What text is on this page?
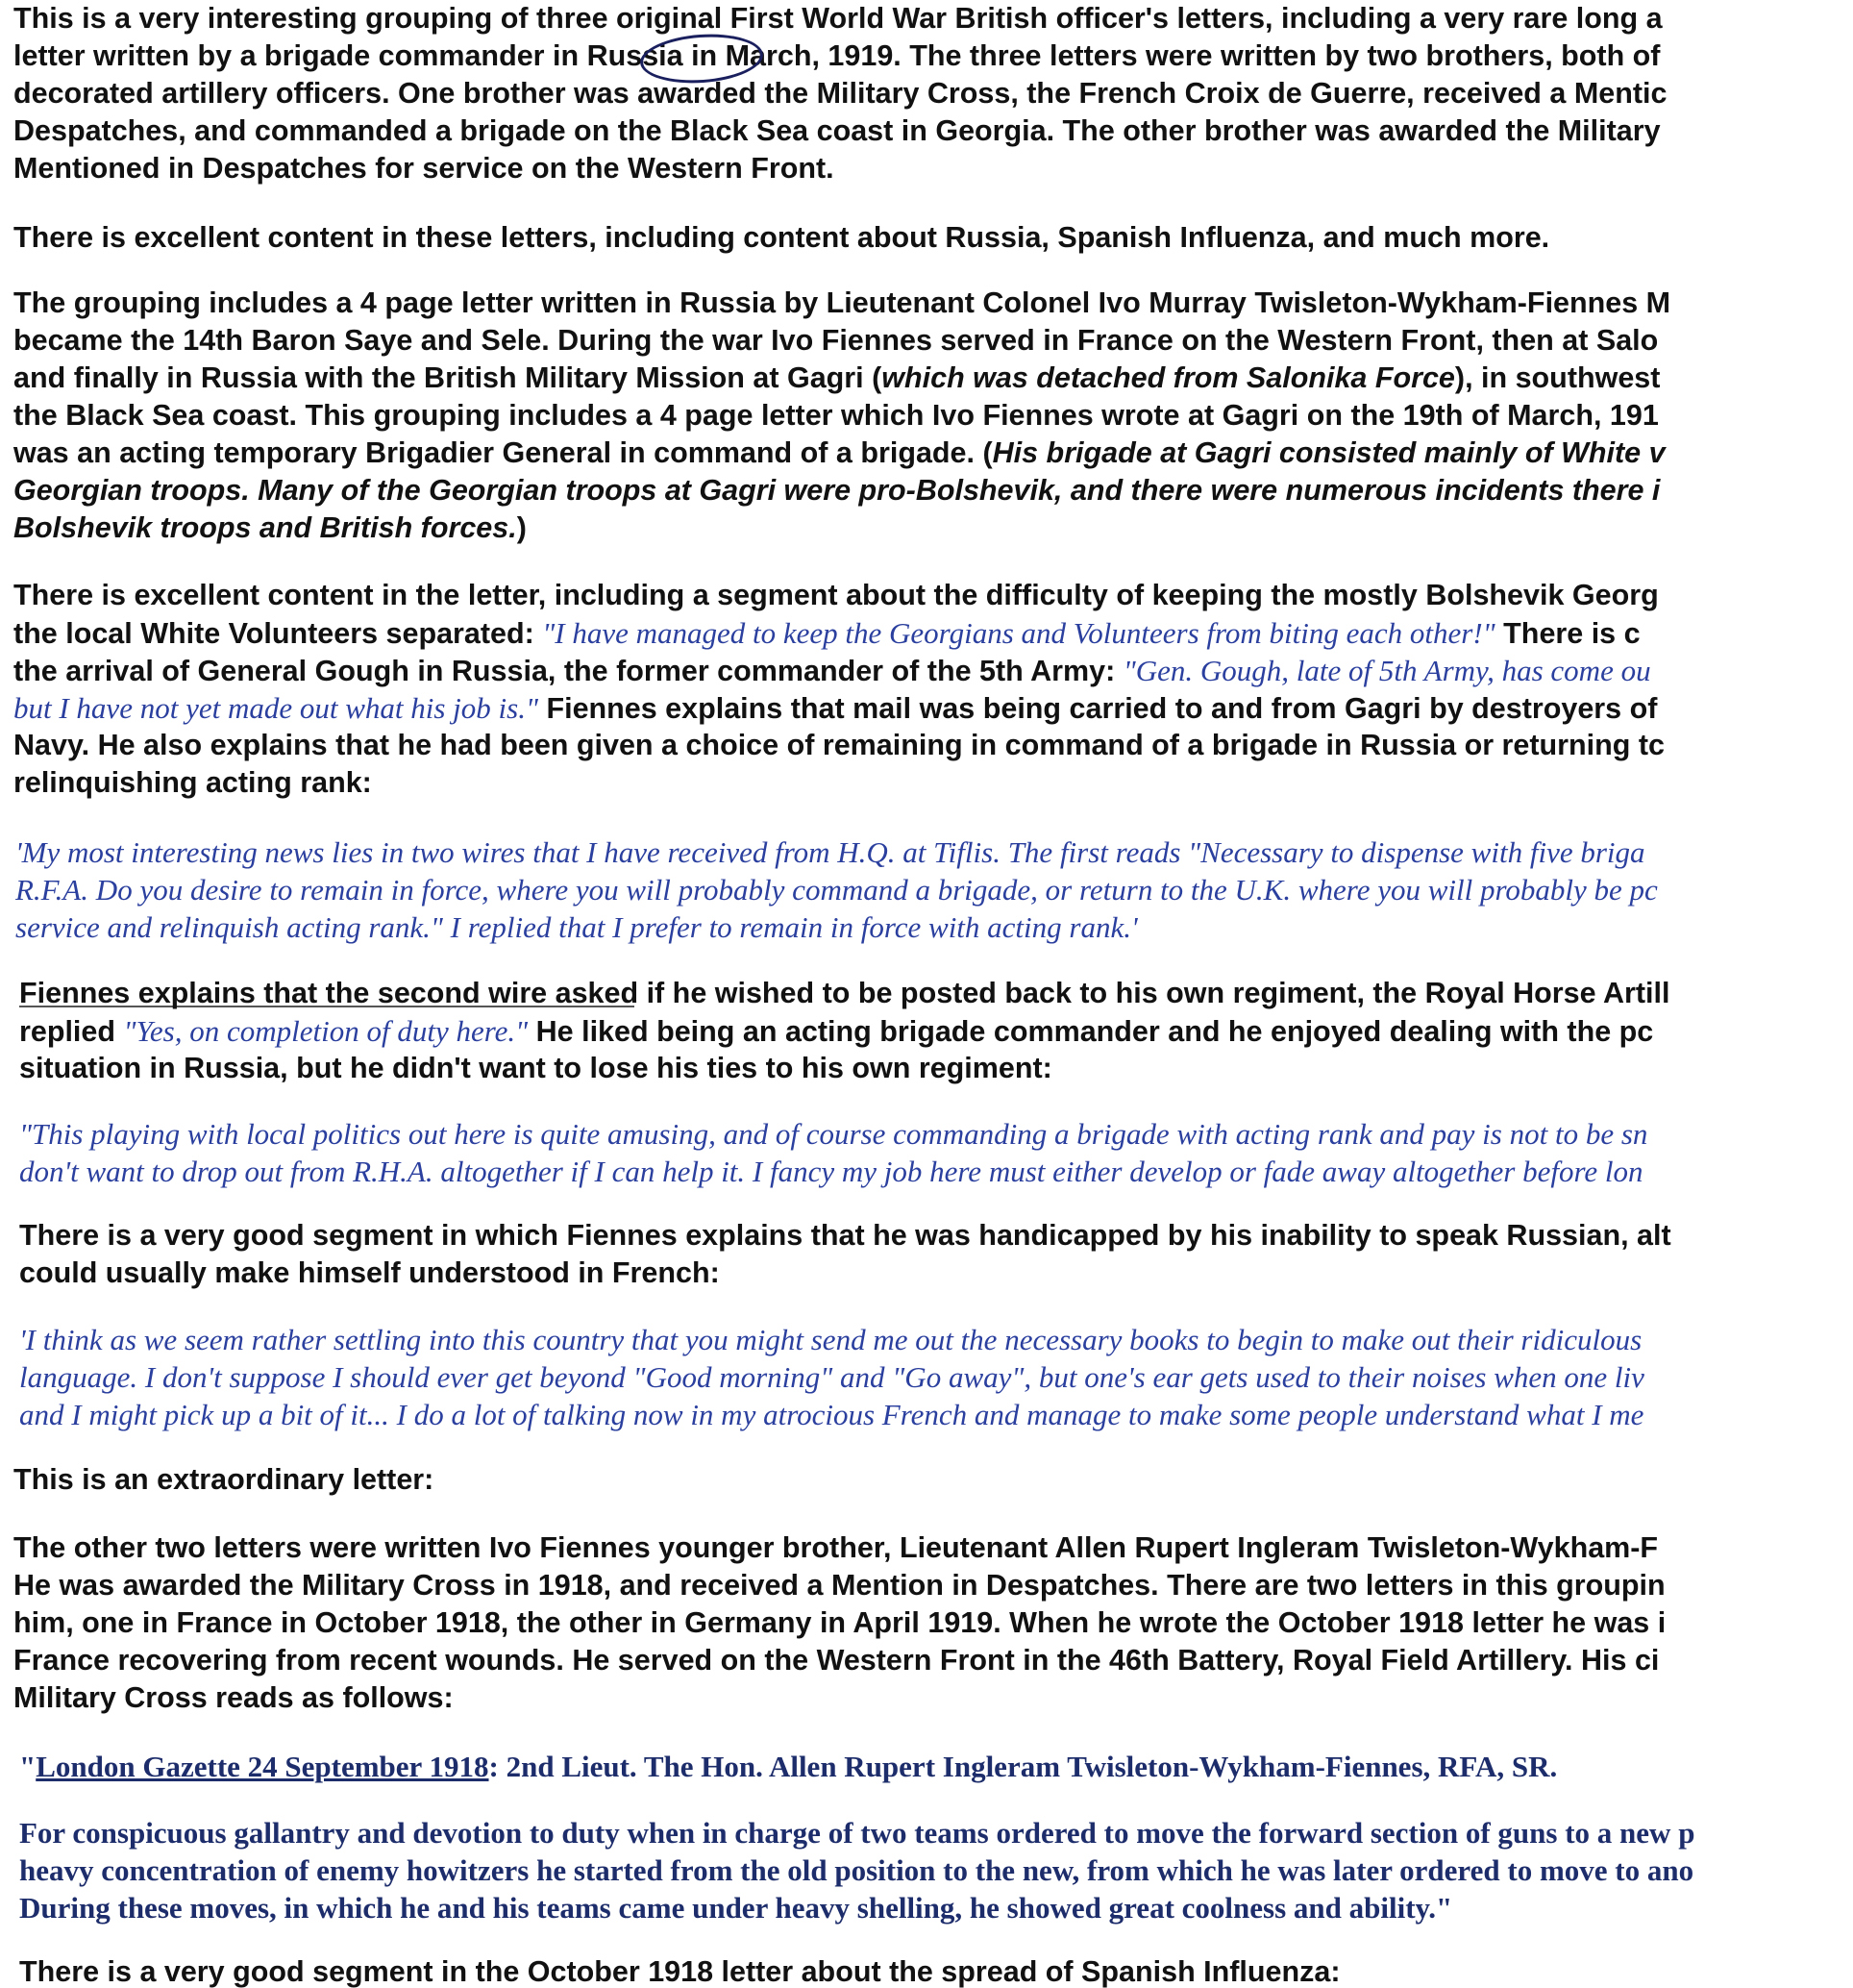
This is a very interesting grouping of three original First World War British officer's letters, including a very rare long a
letter written by a brigade commander in Russia in March, 1919. The three letters were written by two brothers, both of
decorated artillery officers. One brother was awarded the Military Cross, the French Croix de Guerre, received a Mentic
Despatches, and commanded a brigade on the Black Sea coast in Georgia. The other brother was awarded the Military
Mentioned in Despatches for service on the Western Front.
There is excellent content in these letters, including content about Russia, Spanish Influenza, and much more.
The grouping includes a 4 page letter written in Russia by Lieutenant Colonel Ivo Murray Twisleton-Wykham-Fiennes M
became the 14th Baron Saye and Sele. During the war Ivo Fiennes served in France on the Western Front, then at Salo
and finally in Russia with the British Military Mission at Gagri (which was detached from Salonika Force), in southwest
the Black Sea coast. This grouping includes a 4 page letter which Ivo Fiennes wrote at Gagri on the 19th of March, 191
was an acting temporary Brigadier General in command of a brigade. (His brigade at Gagri consisted mainly of White v
Georgian troops. Many of the Georgian troops at Gagri were pro-Bolshevik, and there were numerous incidents there i
Bolshevik troops and British forces.)
There is excellent content in the letter, including a segment about the difficulty of keeping the mostly Bolshevik Georg
the local White Volunteers separated: "I have managed to keep the Georgians and Volunteers from biting each other!" There is c
the arrival of General Gough in Russia, the former commander of the 5th Army: "Gen. Gough, late of 5th Army, has come ou
but I have not yet made out what his job is." Fiennes explains that mail was being carried to and from Gagri by destroyers of
Navy. He also explains that he had been given a choice of remaining in command of a brigade in Russia or returning tc
relinquishing acting rank:
'My most interesting news lies in two wires that I have received from H.Q. at Tiflis. The first reads "Necessary to dispense with five briga
R.F.A. Do you desire to remain in force, where you will probably command a brigade, or return to the U.K. where you will probably be pc
service and relinquish acting rank." I replied that I prefer to remain in force with acting rank.'
Fiennes explains that the second wire asked if he wished to be posted back to his own regiment, the Royal Horse Artill
replied "Yes, on completion of duty here." He liked being an acting brigade commander and he enjoyed dealing with the pc
situation in Russia, but he didn't want to lose his ties to his own regiment:
"This playing with local politics out here is quite amusing, and of course commanding a brigade with acting rank and pay is not to be sn
don't want to drop out from R.H.A. altogether if I can help it. I fancy my job here must either develop or fade away altogether before lon
There is a very good segment in which Fiennes explains that he was handicapped by his inability to speak Russian, alt
could usually make himself understood in French:
'I think as we seem rather settling into this country that you might send me out the necessary books to begin to make out their ridiculous
language. I don't suppose I should ever get beyond "Good morning" and "Go away", but one's ear gets used to their noises when one liv
and I might pick up a bit of it... I do a lot of talking now in my atrocious French and manage to make some people understand what I me
This is an extraordinary letter:
The other two letters were written Ivo Fiennes younger brother, Lieutenant Allen Rupert Ingleram Twisleton-Wykham-F
He was awarded the Military Cross in 1918, and received a Mention in Despatches. There are two letters in this groupin
him, one in France in October 1918, the other in Germany in April 1919. When he wrote the October 1918 letter he was i
France recovering from recent wounds. He served on the Western Front in the 46th Battery, Royal Field Artillery. His ci
Military Cross reads as follows:
"London Gazette 24 September 1918: 2nd Lieut. The Hon. Allen Rupert Ingleram Twisleton-Wykham-Fiennes, RFA, SR.
For conspicuous gallantry and devotion to duty when in charge of two teams ordered to move the forward section of guns to a new p
heavy concentration of enemy howitzers he started from the old position to the new, from which he was later ordered to move to ano
During these moves, in which he and his teams came under heavy shelling, he showed great coolness and ability."
There is a very good segment in the October 1918 letter about the spread of Spanish Influenza:
